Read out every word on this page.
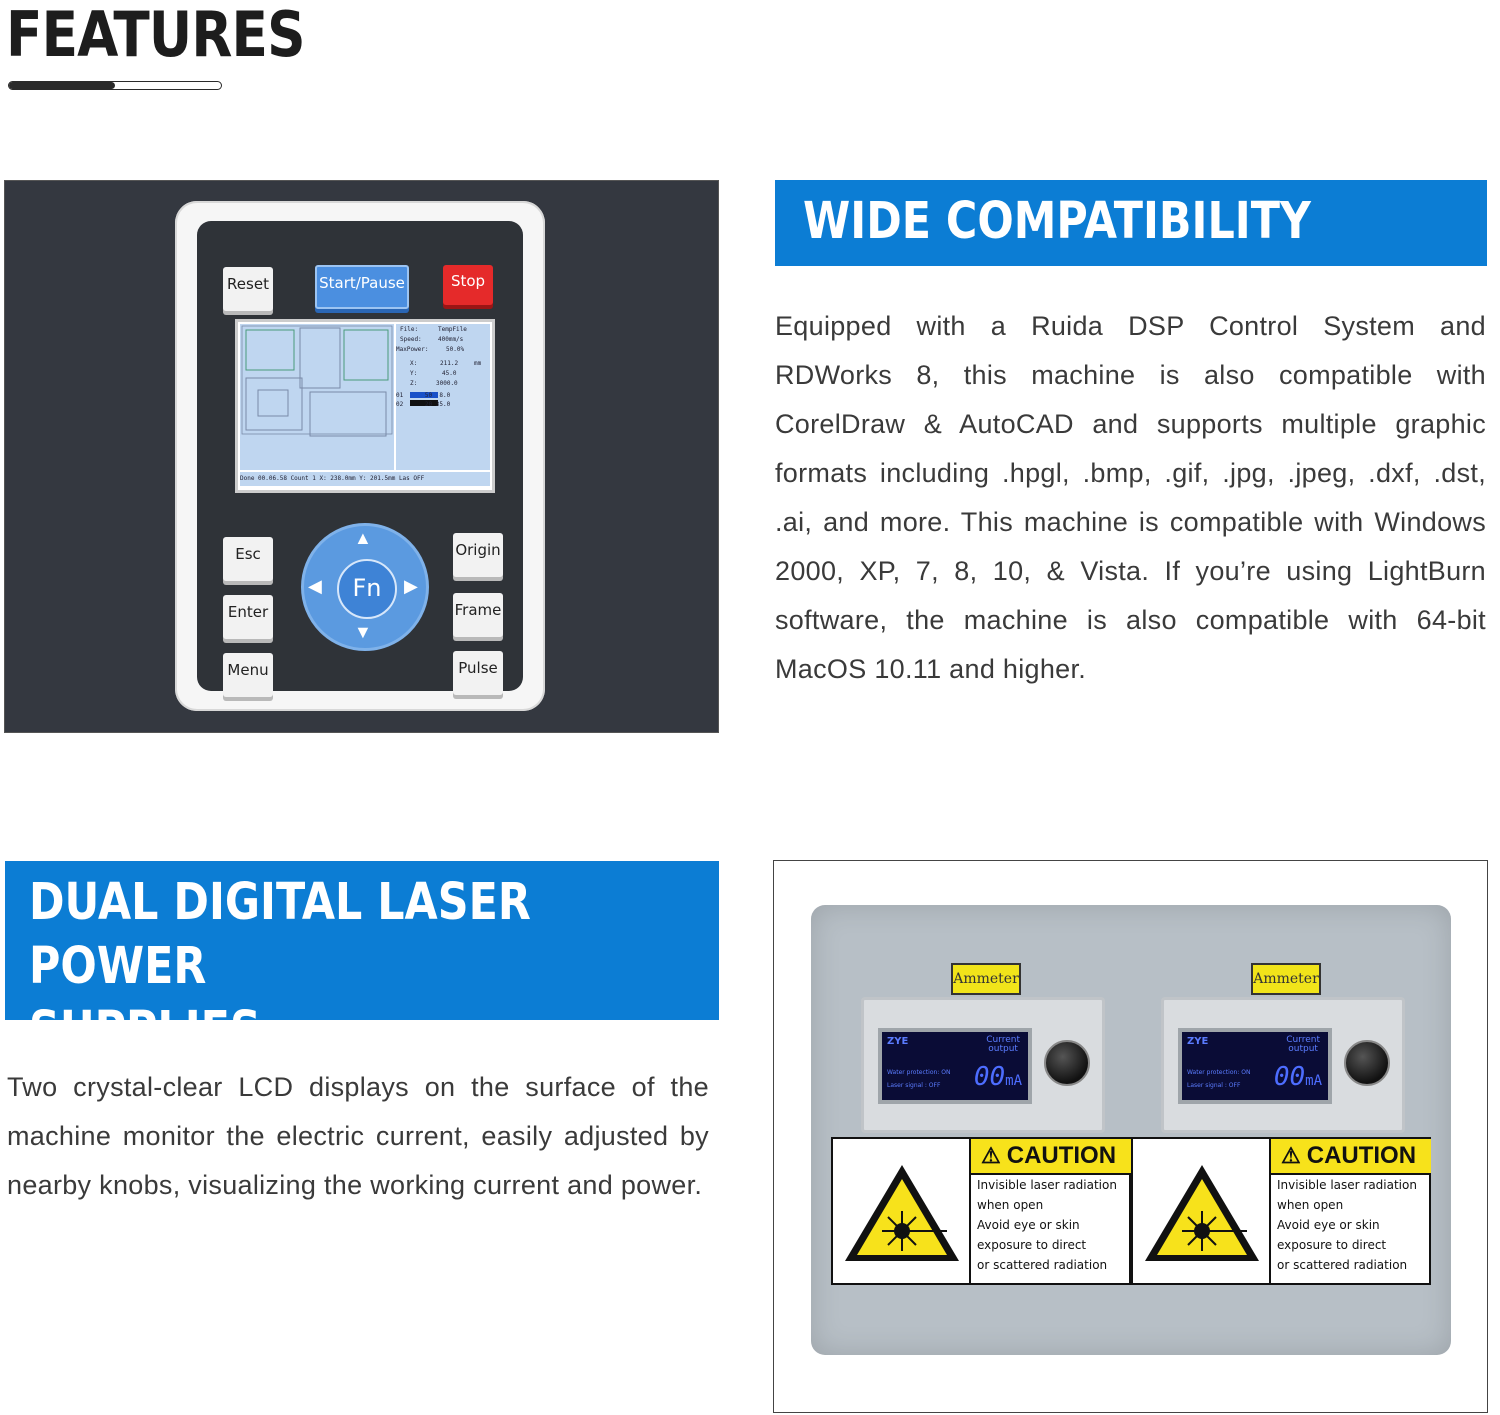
FEATURES
Reset	Start/Pause	Stop
File:	TempFile
Speed:	400mm/s
MaxPower:	50.0%
X:	211.2	mm
Y:	45.0
Z:	3000.0
01      50  8.0
02      20 35.0
Done 00.06.58 Count 1 X: 238.0mm Y: 201.5mm Las OFF
Esc
Enter
Menu
Origin
Frame
Pulse
▲
▼
◀	▶
Fn
WIDE COMPATIBILITY
Equipped with a Ruida DSP Control System and RDWorks 8, this machine is also compatible with CorelDraw & AutoCAD and supports multiple graphic formats including .hpgl, .bmp, .gif, .jpg, .jpeg, .dxf, .dst, .ai, and more. This machine is compatible with Windows 2000, XP, 7, 8, 10, & Vista. If you’re using LightBurn software, the machine is also compatible with 64-bit MacOS 10.11 and higher.
DUAL DIGITAL LASER POWER
SUPPLIES
Two crystal-clear LCD displays on the surface of the machine monitor the electric current, easily adjusted by nearby knobs, visualizing the working current and power.
Ammeter
ZYE	Current
output
Water protection: ON
Laser signal : OFF	00mA
Ammeter
ZYE	Current
output
Water protection: ON
Laser signal : OFF	00mA
⚠ CAUTION
Invisible laser radiation
when open
Avoid eye or skin
exposure to direct
or scattered radiation
⚠ CAUTION
Invisible laser radiation
when open
Avoid eye or skin
exposure to direct
or scattered radiation
